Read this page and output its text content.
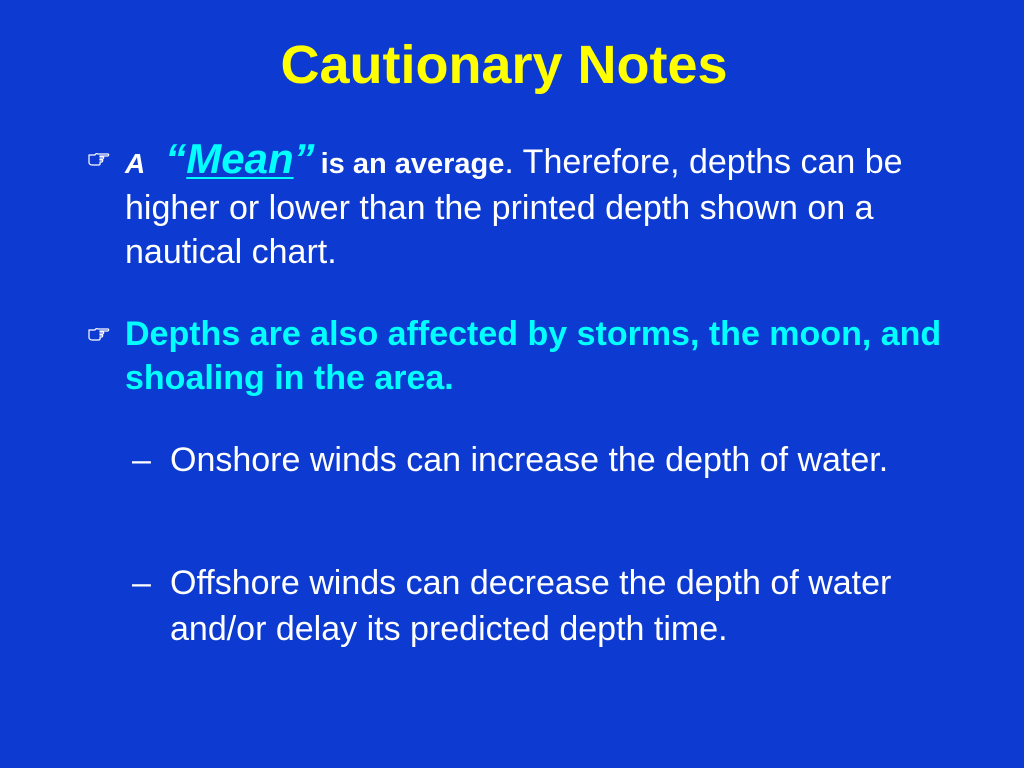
Cautionary Notes
A “Mean” is an average. Therefore, depths can be higher or lower than the printed depth shown on a nautical chart.
Depths are also affected by storms, the moon, and shoaling in the area.
– Onshore winds can increase the depth of water.
– Offshore winds can decrease the depth of water and/or delay its predicted depth time.
